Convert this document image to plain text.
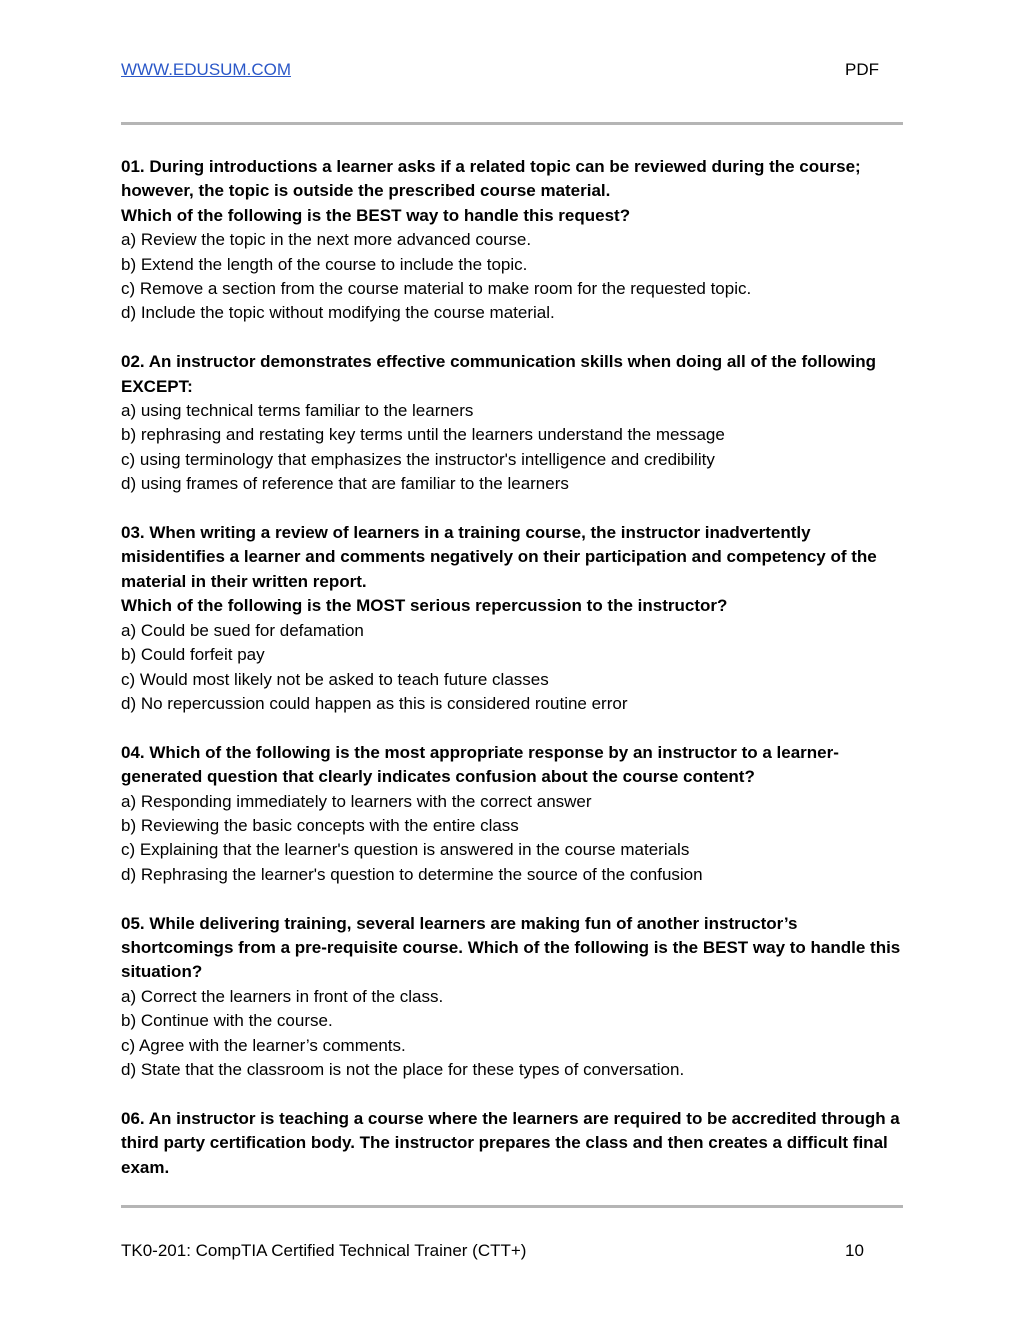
WWW.EDUSUM.COM	PDF

01. During introductions a learner asks if a related topic can be reviewed during the course; however, the topic is outside the prescribed course material.

Which of the following is the BEST way to handle this request?

a) Review the topic in the next more advanced course.
b) Extend the length of the course to include the topic.
c) Remove a section from the course material to make room for the requested topic.
d) Include the topic without modifying the course material.

02. An instructor demonstrates effective communication skills when doing all of the following EXCEPT:

a) using technical terms familiar to the learners
b) rephrasing and restating key terms until the learners understand the message
c) using terminology that emphasizes the instructor's intelligence and credibility
d) using frames of reference that are familiar to the learners

03. When writing a review of learners in a training course, the instructor inadvertently misidentifies a learner and comments negatively on their participation and competency of the material in their written report.

Which of the following is the MOST serious repercussion to the instructor?

a) Could be sued for defamation
b) Could forfeit pay
c) Would most likely not be asked to teach future classes
d) No repercussion could happen as this is considered routine error

04. Which of the following is the most appropriate response by an instructor to a learner-generated question that clearly indicates confusion about the course content?

a) Responding immediately to learners with the correct answer
b) Reviewing the basic concepts with the entire class
c) Explaining that the learner's question is answered in the course materials
d) Rephrasing the learner's question to determine the source of the confusion

05. While delivering training, several learners are making fun of another instructor’s shortcomings from a pre-requisite course. Which of the following is the BEST way to handle this situation?

a) Correct the learners in front of the class.
b) Continue with the course.
c) Agree with the learner’s comments.
d) State that the classroom is not the place for these types of conversation.

06. An instructor is teaching a course where the learners are required to be accredited through a third party certification body. The instructor prepares the class and then creates a difficult final exam.

TK0-201: CompTIA Certified Technical Trainer (CTT+)	10
